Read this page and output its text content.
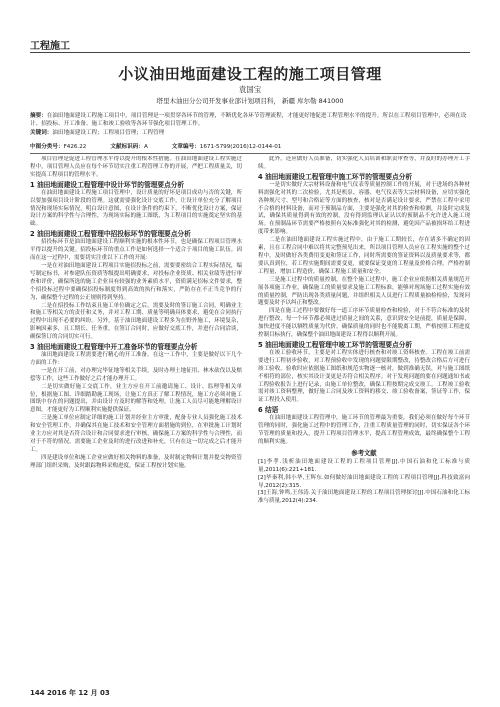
工程施工
小议油田地面建设工程的施工项目管理
袁国宝
塔里木油田分公司开发事业部计划项目科， 新疆 库尔勒 841000
摘要：在油田地面建设工程施工项目中，项目管理是一项贯穿各环节的管理，不断优化各环节管理流程，才能更好地促进工程管理水平的提升。所以在工程项目管理中，必须在设计、招投标、开工准备、施工和竣工验收等各环节强化项目管理工作。
关键词：油田地面建设工程；工程项目管理；工程管理
中图分类号：F426.22	文献标识码：A	文章编号：1671-5799(2016)12-0144-01

项目管理是促进工程管理水平得以提升的根本性措施。在油田地面建设工程实施过程中，项目管理人员应在每个环节切实注重工程管理工作的开展，严把工程质量关，切实提高工程项目的管理水平。

1 油田地面建设工程管理中设计环节的管理要点分析

在油田地面建设工程施工项目管理中，设计质量的好坏是项目成功与否的关键，所以要加强项目设计阶段的管理。这就需要强化设计交底工作，让设计单位充分了解项目情况和现场实际情况，明白设计意图，在设计条件的约束下，不断优化设计方案，保证设计方案的科学性与合理性，为现场实际的施工图纸，为工程项目的实施奠定坚实的基础。

2 油田地面建设工程管理中招投标环节的管理要点分析

招投标环节是油田地面建设工程顺利实施的根本性环节，也是确保工程项目管理水平得以提升的关键。招投标环节的重点工作是如何选择一个适合于项目的施工队伍。因而在这一过程中，需要切实注重以下工作的开展：

一是在对油田地面建设工程项目实施招投标之前，需要要密结合工程实际情况，编写制定标书，对参建队伍资质等级提出明确要求，对投标企业资质、相关业绩等进行审查和评价，确保所选的施工企业具有较强的业务素质水平，资质满足招标文件要求，整个招投标过程中要确保招投标制度得到高效的执行和落实，严防存在不正当竞争的行为，确保整个过程的公正规则得到坚持。

二是在招投标工作结束且施工单位确定之后，需要及时的签订施工合同，明确业主和施工等相关方的责任和义务，并对工程工期、质量等明确具体要求，避免在合同执行过程中出现不必要的纠纷。另外，基于油田地面建设工程多为在野外施工，环境复杂，影响因素多，且工期长、任务重，在签订合同时，应做好交底工作，并进行合同洽谈，确保签订的合同切实可行。

3 油田地面建设工程管理中开工准备环节的管理要点分析

油田地面建设工程需要进行精心的开工准备，在这一工作中，主要是做好以下几个方面的工作：

一是在开工前，对办理完毕征地等相关手续，及时办理土地征用、林木砍伐以及赔偿等工作，这些工作做好之后才能办理开工。

二是切实做好施工交底工作，业主方应在开工前邀请施工、设计、监理等相关单位，根据施工图、详细踏勘施工现场，让施工方真正了解工程情况，施工方必须对施工图纸中存在的问题提出，并由设计方及时的解答和处理，让施工人员尽可能地理解设计意图，才能更好为工程顺利实施提供保证。

三是施工单位应制定详细的施工计划并经业主方审批，配备专业人员强化施工技术和安全管理工作，并确保其在施工技术和安全管理方面措施的到位，在审批施工计划时业主方应对其是否符合设计和合同要求进行审核，确保施工方案的科学性与合理性，而对于不符的情况，需要施工企业及时的进行改进和补充，只有在这一切完成之后才能开工。

四是建设单位和施工企业应做好相关物料的准备，及时制定物料计划并提交物资管理部门组织采购，及时跟踪物料采购进度，保证工程按计划实施。

此外，还应做好人员准备，切实强化人员培训和职责审查等，并及时的办理开工手续。

4 油田地面建设工程管理中施工环节的管理要点分析

一是切实做好大宗材料设备和电气仪表等质量控制工作的开展，对于进场的各种材料需强化对其的二次检验，尤其是机泵、容器、电气仪表等大宗材料设备，应切实强化各种规尺寸、型号和合格证等方面的核查，核对是否满足设计要求，严禁在工程中采用不合格的材料设备，而对于预制品方面，主要是强化对其的检查和检测，并及时完成复试，确保其质量得到有效的控制，没有得到监理认证认以的预制品不允许进入施工现场。在预制品环节需要严格按照有关标准强化对其的检测，避免因产品被损坏给工程进度带来影响。

二是在油田地面建设工程实施过程中，由于施工工期较长，存在诸多不确定的因素，且在工程合同中难以将其完整预见出来，所以项目管理人员应在工程实施的整个过程中，及时做好各类费用变更和签证工作，同时所需要的签证资料以及质量要求等，都要认真到位，若工程实施期间需要变更，就要保证变更的工程量及价格合理，严格控制工程量，增加工程造价，确保工程施工质量和安全。

三是施工过程中的质量控制，在整个施工过程中，施工企业应依据相关质量规范开展各项施工作业，确保施工的质量要求及施工工程标准，能够对现场施工过程实施有效的质量控制，严防出现各类质量问题，并组织相关人员进行工程质量抽检检验，发现问题要及时予以纠正和整改。

四是在施工过程中要做好每一道工序环节质量检查和检验，对于不符合标准的及时进行整改，每一个环节都必须进过质量之间的关系，意识到安全是前提，质量是保障，加快进度不能以牺牲质量为代价，确保质量的同时也不能脱离工期，严格按照工程进度控制目标执行，确保整个油田地面建设工程得以顺利开展。

5 油田地面建设工程管理中竣工环节的管理要点分析

在竣工验收环节，主要是对工程实体进行核查和对竣工资料核查。工程在竣工前需要进行工程初步验收，对工程预验收中发现的问题要限期整改，待整改合格后方可进行竣工验收。验收时应依据施工图纸和规范实物逐一核对，做到准确无误，对与施工图纸不相符的部位，核实其设计变更是否符合相关程序。对于发现问题的要在问题通知书或工程验收报告上进行记录，由施工单位整改，确保工程按期完成交竣工。工程竣工验收需对竣工资料整理，做好施工合同及竣工资料的移交、竣工验收备案，签证等工作，保证工程投入使用。

6 结语

在油田地面建设工程管理中，施工环节的管理最为重要，我们必须在做好每个环节管理的同时，强化施工过程中的管理工作，注重工程质量管理的同时，切实保证各个环节管理的质量和投入，提升工程项目管理水平，提高工程管理成效，最终确保整个工程的顺利实施。

参考文献

[1]李孝.浅析油田地面建设工程的工程项目管理[J].中国石油和化工标准与质量,2011(6):221+181.

[2]毕秦利,韩小华,王辉东.如何做好油田地面建设工程的工程项目管理[J].科技致富向导,2012(2):315.

[3]王海,钟鸣,王伟涛.关于油田地面建设工程的工程项目管理探讨[J].中国石油和化工标准与质量,2012(4):234.

144 2016 年 12 月 03
